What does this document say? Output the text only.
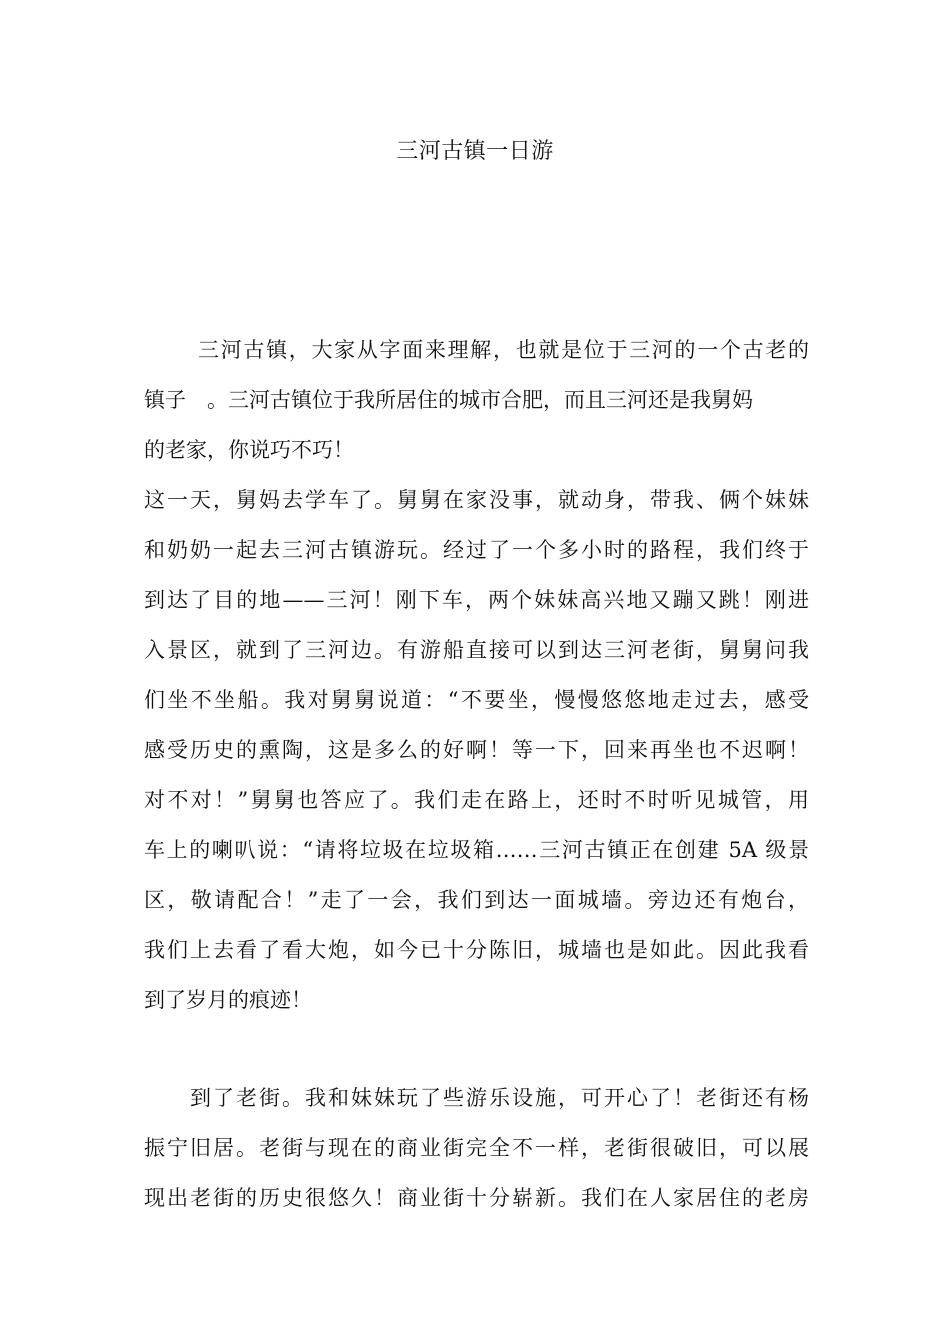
三河古镇一日游
三河古镇，大家从字面来理解，也就是位于三河的一个古老的
镇子　。三河古镇位于我所居住的城市合肥，而且三河还是我舅妈
的老家，你说巧不巧！
这一天，舅妈去学车了。舅舅在家没事，就动身，带我、俩个妹妹
和奶奶一起去三河古镇游玩。经过了一个多小时的路程，我们终于
到达了目的地——三河！刚下车，两个妹妹高兴地又蹦又跳！刚进
入景区，就到了三河边。有游船直接可以到达三河老街，舅舅问我
们坐不坐船。我对舅舅说道：“不要坐，慢慢悠悠地走过去，感受
感受历史的熏陶，这是多么的好啊！等一下，回来再坐也不迟啊！
对不对！”舅舅也答应了。我们走在路上，还时不时听见城管，用
车上的喇叭说：“请将垃圾在垃圾箱……三河古镇正在创建 5A 级景
区，敬请配合！”走了一会，我们到达一面城墙。旁边还有炮台，
我们上去看了看大炮，如今已十分陈旧，城墙也是如此。因此我看
到了岁月的痕迹！
到了老街。我和妹妹玩了些游乐设施，可开心了！老街还有杨
振宁旧居。老街与现在的商业街完全不一样，老街很破旧，可以展
现出老街的历史很悠久！商业街十分崭新。我们在人家居住的老房
